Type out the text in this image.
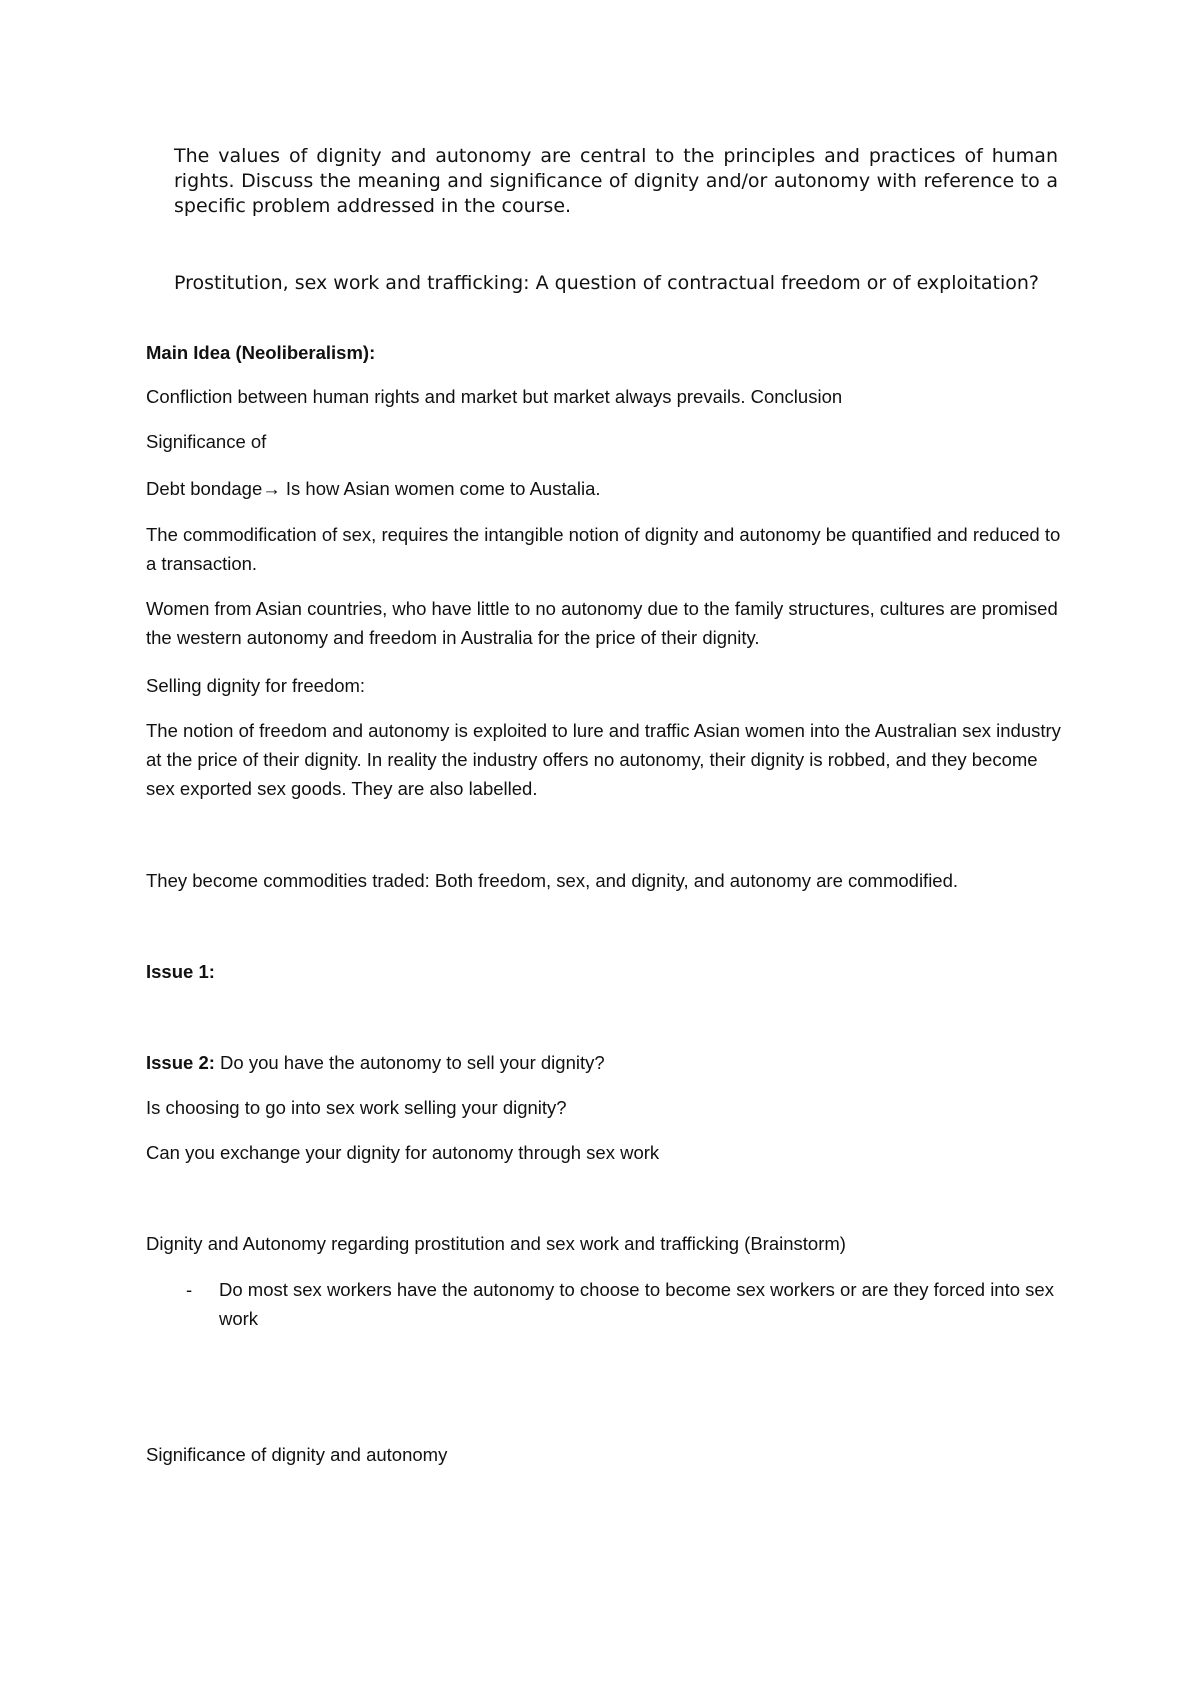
The values of dignity and autonomy are central to the principles and practices of human rights. Discuss the meaning and significance of dignity and/or autonomy with reference to a specific problem addressed in the course.
Prostitution, sex work and trafficking: A question of contractual freedom or of exploitation?
Main Idea (Neoliberalism):
Confliction between human rights and market but market always prevails. Conclusion
Significance of
Debt bondage→ Is how Asian women come to Austalia.
The commodification of sex, requires the intangible notion of dignity and autonomy be quantified and reduced to a transaction.
Women from Asian countries, who have little to no autonomy due to the family structures, cultures are promised the western autonomy and freedom in Australia for the price of their dignity.
Selling dignity for freedom:
The notion of freedom and autonomy is exploited to lure and traffic Asian women into the Australian sex industry at the price of their dignity. In reality the industry offers no autonomy, their dignity is robbed, and they become sex exported sex goods. They are also labelled.
They become commodities traded: Both freedom, sex, and dignity, and autonomy are commodified.
Issue 1:
Issue 2: Do you have the autonomy to sell your dignity?
Is choosing to go into sex work selling your dignity?
Can you exchange your dignity for autonomy through sex work
Dignity and Autonomy regarding prostitution and sex work and trafficking (Brainstorm)
- Do most sex workers have the autonomy to choose to become sex workers or are they forced into sex work
Significance of dignity and autonomy
